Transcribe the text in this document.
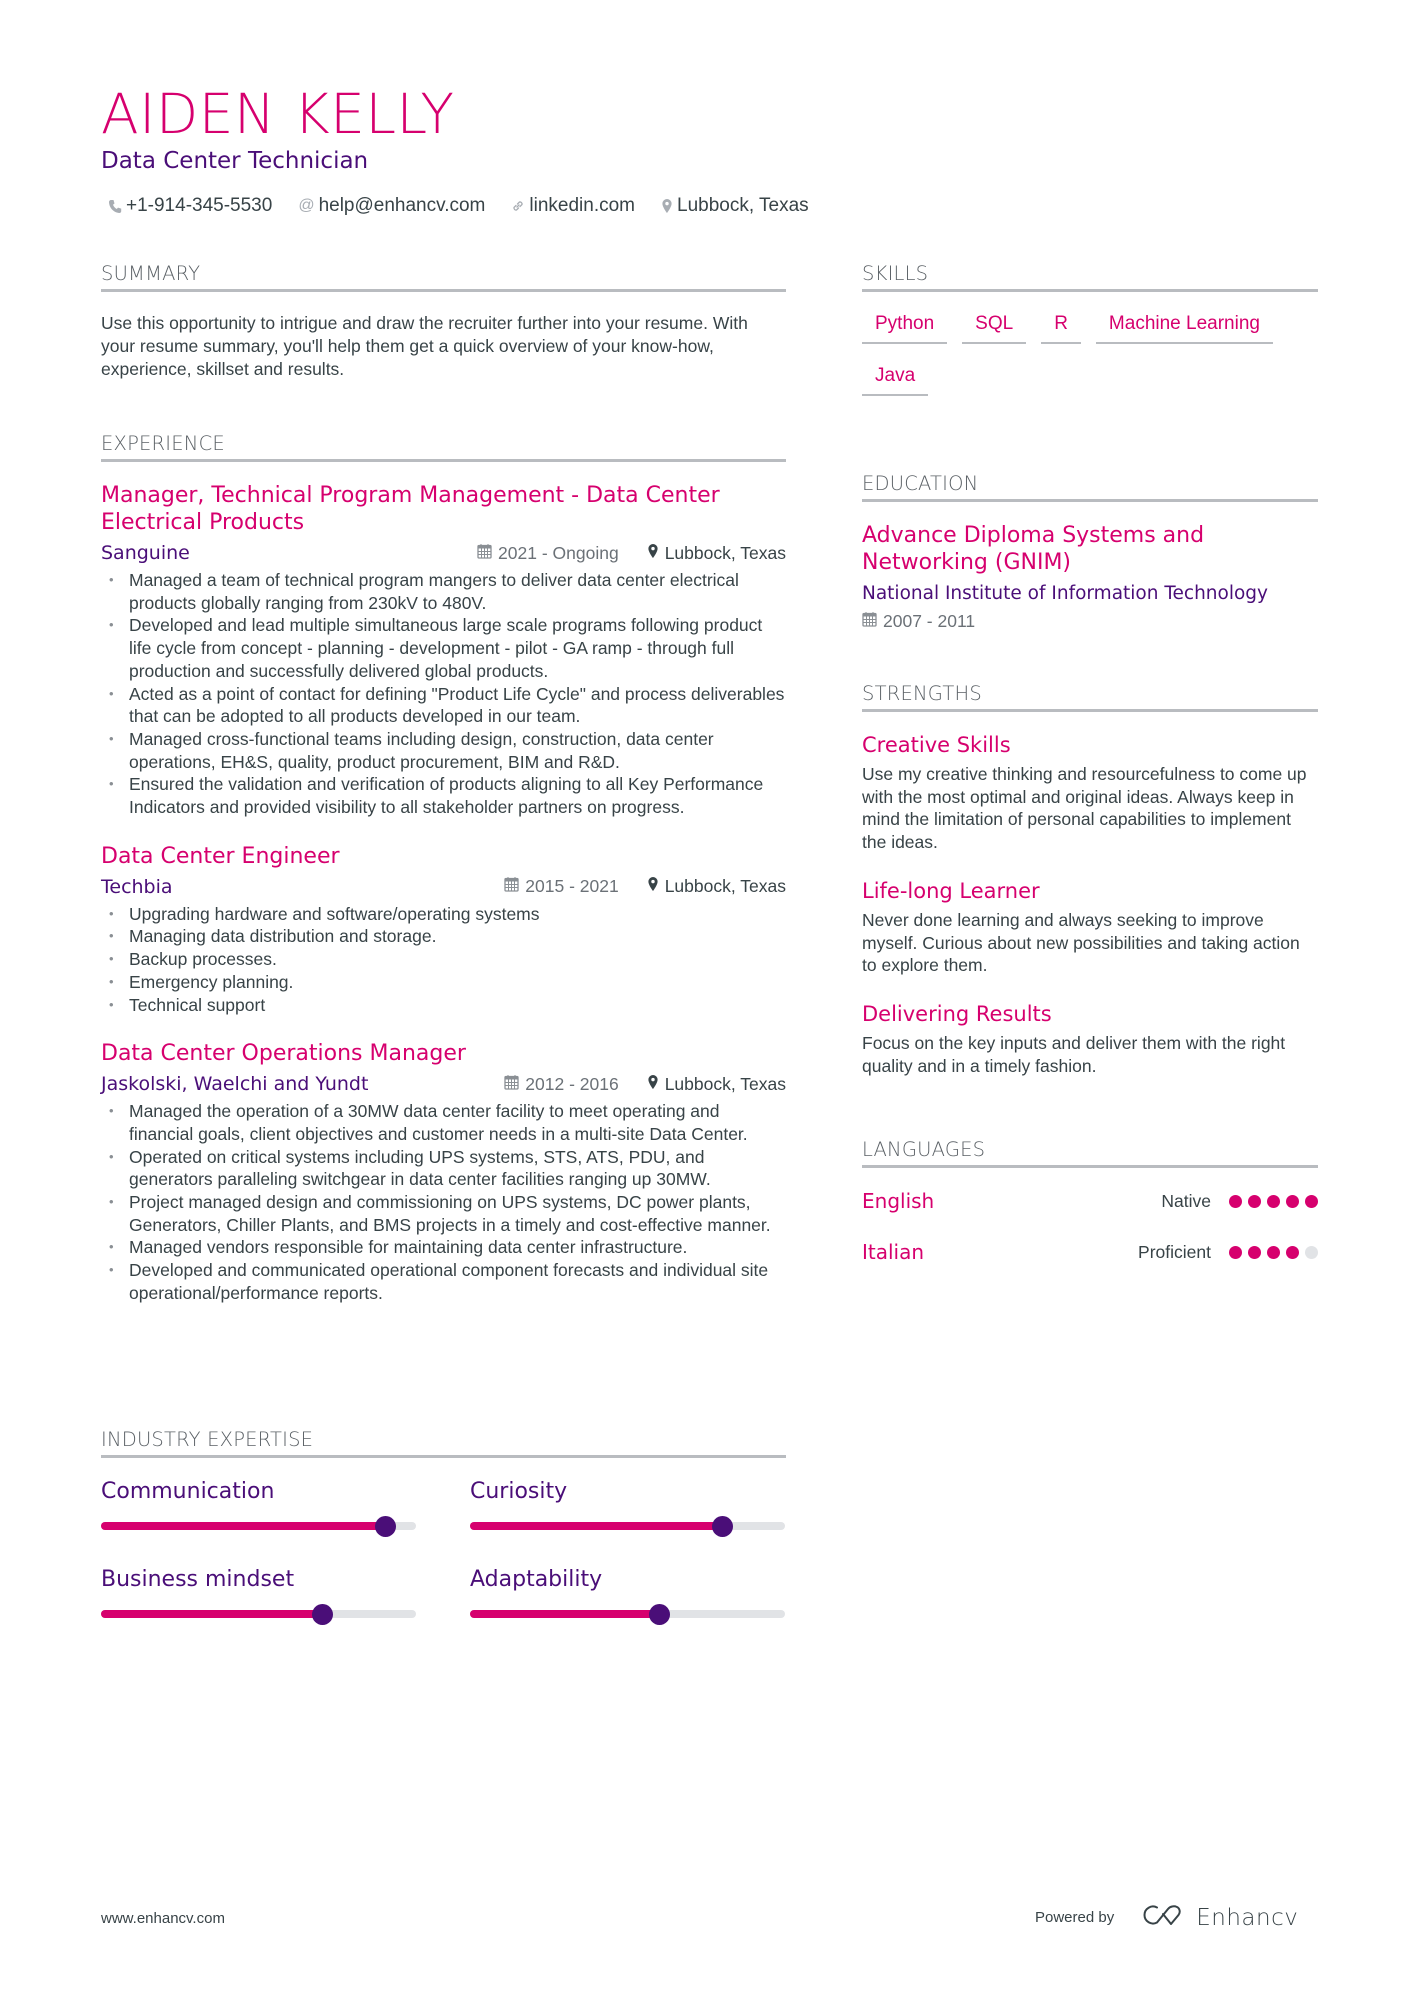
AIDEN KELLY
Data Center Technician
+1-914-345-5530 @ help@enhancv.com linkedin.com Lubbock, Texas
SUMMARY
Use this opportunity to intrigue and draw the recruiter further into your resume. With your resume summary, you'll help them get a quick overview of your know-how, experience, skillset and results.
EXPERIENCE
Manager, Technical Program Management - Data Center Electrical Products
Sanguine	2021 - Ongoing	Lubbock, Texas
• Managed a team of technical program mangers to deliver data center electrical products globally ranging from 230kV to 480V.
• Developed and lead multiple simultaneous large scale programs following product life cycle from concept - planning - development - pilot - GA ramp - through full production and successfully delivered global products.
• Acted as a point of contact for defining "Product Life Cycle" and process deliverables that can be adopted to all products developed in our team.
• Managed cross-functional teams including design, construction, data center operations, EH&S, quality, product procurement, BIM and R&D.
• Ensured the validation and verification of products aligning to all Key Performance Indicators and provided visibility to all stakeholder partners on progress.
Data Center Engineer
Techbia	2015 - 2021	Lubbock, Texas
• Upgrading hardware and software/operating systems
• Managing data distribution and storage.
• Backup processes.
• Emergency planning.
• Technical support
Data Center Operations Manager
Jaskolski, Waelchi and Yundt	2012 - 2016	Lubbock, Texas
• Managed the operation of a 30MW data center facility to meet operating and financial goals, client objectives and customer needs in a multi-site Data Center.
• Operated on critical systems including UPS systems, STS, ATS, PDU, and generators paralleling switchgear in data center facilities ranging up 30MW.
• Project managed design and commissioning on UPS systems, DC power plants, Generators, Chiller Plants, and BMS projects in a timely and cost-effective manner.
• Managed vendors responsible for maintaining data center infrastructure.
• Developed and communicated operational component forecasts and individual site operational/performance reports.
INDUSTRY EXPERTISE
Communication	Curiosity
Business mindset	Adaptability
SKILLS
Python	SQL	R	Machine Learning
Java
EDUCATION
Advance Diploma Systems and Networking (GNIM)
National Institute of Information Technology
2007 - 2011
STRENGTHS
Creative Skills
Use my creative thinking and resourcefulness to come up with the most optimal and original ideas. Always keep in mind the limitation of personal capabilities to implement the ideas.
Life-long Learner
Never done learning and always seeking to improve myself. Curious about new possibilities and taking action to explore them.
Delivering Results
Focus on the key inputs and deliver them with the right quality and in a timely fashion.
LANGUAGES
English	Native
Italian	Proficient
www.enhancv.com	Powered by	Enhancv
